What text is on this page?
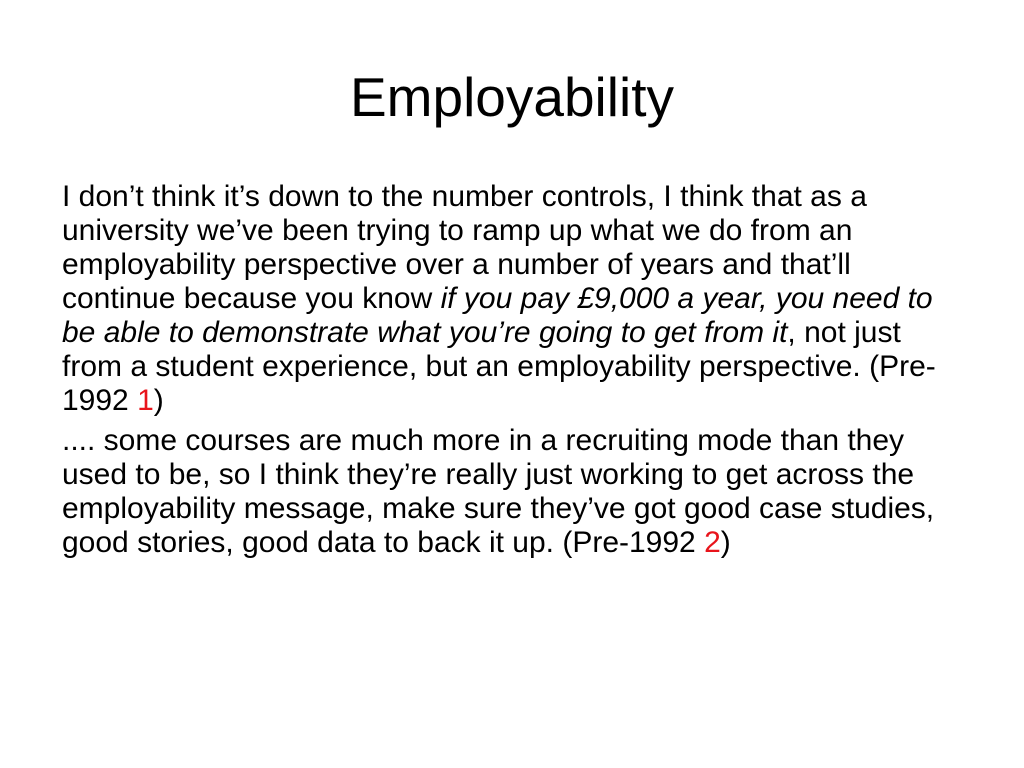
Employability

I don’t think it’s down to the number controls, I think that as a university we’ve been trying to ramp up what we do from an employability perspective over a number of years and that’ll continue because you know if you pay £9,000 a year, you need to be able to demonstrate what you’re going to get from it, not just from a student experience, but an employability perspective. (Pre-1992 1)

.... some courses are much more in a recruiting mode than they used to be, so I think they’re really just working to get across the employability message, make sure they’ve got good case studies, good stories, good data to back it up. (Pre-1992 2)
